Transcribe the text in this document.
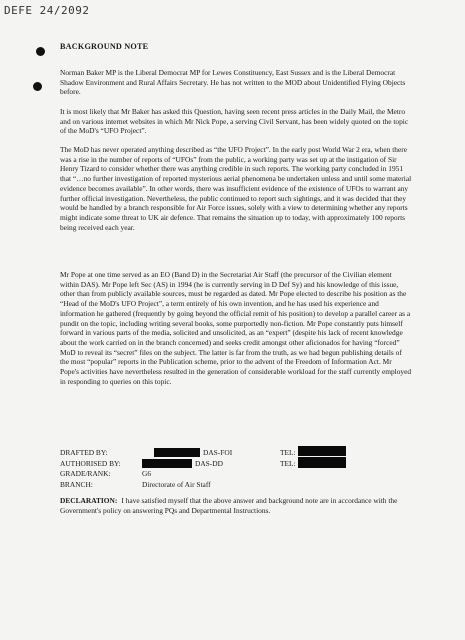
DEFE 24/2092
BACKGROUND NOTE

Norman Baker MP is the Liberal Democrat MP for Lewes Constituency, East Sussex and is the Liberal Democrat Shadow Environment and Rural Affairs Secretary. He has not written to the MOD about Unidentified Flying Objects before.

It is most likely that Mr Baker has asked this Question, having seen recent press articles in the Daily Mail, the Metro and on various internet websites in which Mr Nick Pope, a serving Civil Servant, has been widely quoted on the topic of the MoD's “UFO Project”.

The MoD has never operated anything described as “the UFO Project”. In the early post World War 2 era, when there was a rise in the number of reports of “UFOs” from the public, a working party was set up at the instigation of Sir Henry Tizard to consider whether there was anything credible in such reports. The working party concluded in 1951 that “…no further investigation of reported mysterious aerial phenomena be undertaken unless and until some material evidence becomes available”. In other words, there was insufficient evidence of the existence of UFOs to warrant any further official investigation. Nevertheless, the public continued to report such sightings, and it was decided that they would be handled by a branch responsible for Air Force issues, solely with a view to determining whether any reports might indicate some threat to UK air defence. That remains the situation up to today, with approximately 100 reports being received each year.

Mr Pope at one time served as an EO (Band D) in the Secretariat Air Staff (the precursor of the Civilian element within DAS). Mr Pope left Sec (AS) in 1994 (he is currently serving in D Def Sy) and his knowledge of this issue, other than from publicly available sources, must be regarded as dated. Mr Pope elected to describe his position as the “Head of the MoD's UFO Project”, a term entirely of his own invention, and he has used his experience and information he gathered (frequently by going beyond the official remit of his position) to develop a parallel career as a pundit on the topic, including writing several books, some purportedly non-fiction. Mr Pope constantly puts himself forward in various parts of the media, solicited and unsolicited, as an “expert” (despite his lack of recent knowledge about the work carried on in the branch concerned) and seeks credit amongst other aficionados for having “forced” MoD to reveal its “secret” files on the subject. The latter is far from the truth, as we had begun publishing details of the most “popular” reports in the Publication scheme, prior to the advent of the Freedom of Information Act. Mr Pope's activities have nevertheless resulted in the generation of considerable workload for the staff currently employed in responding to queries on this topic.

DRAFTED BY:	DAS-FOI	TEL:
AUTHORISED BY:	DAS-DD	TEL:
GRADE/RANK:	G6
BRANCH:	Directorate of Air Staff

DECLARATION: I have satisfied myself that the above answer and background note are in accordance with the Government's policy on answering PQs and Departmental Instructions.
